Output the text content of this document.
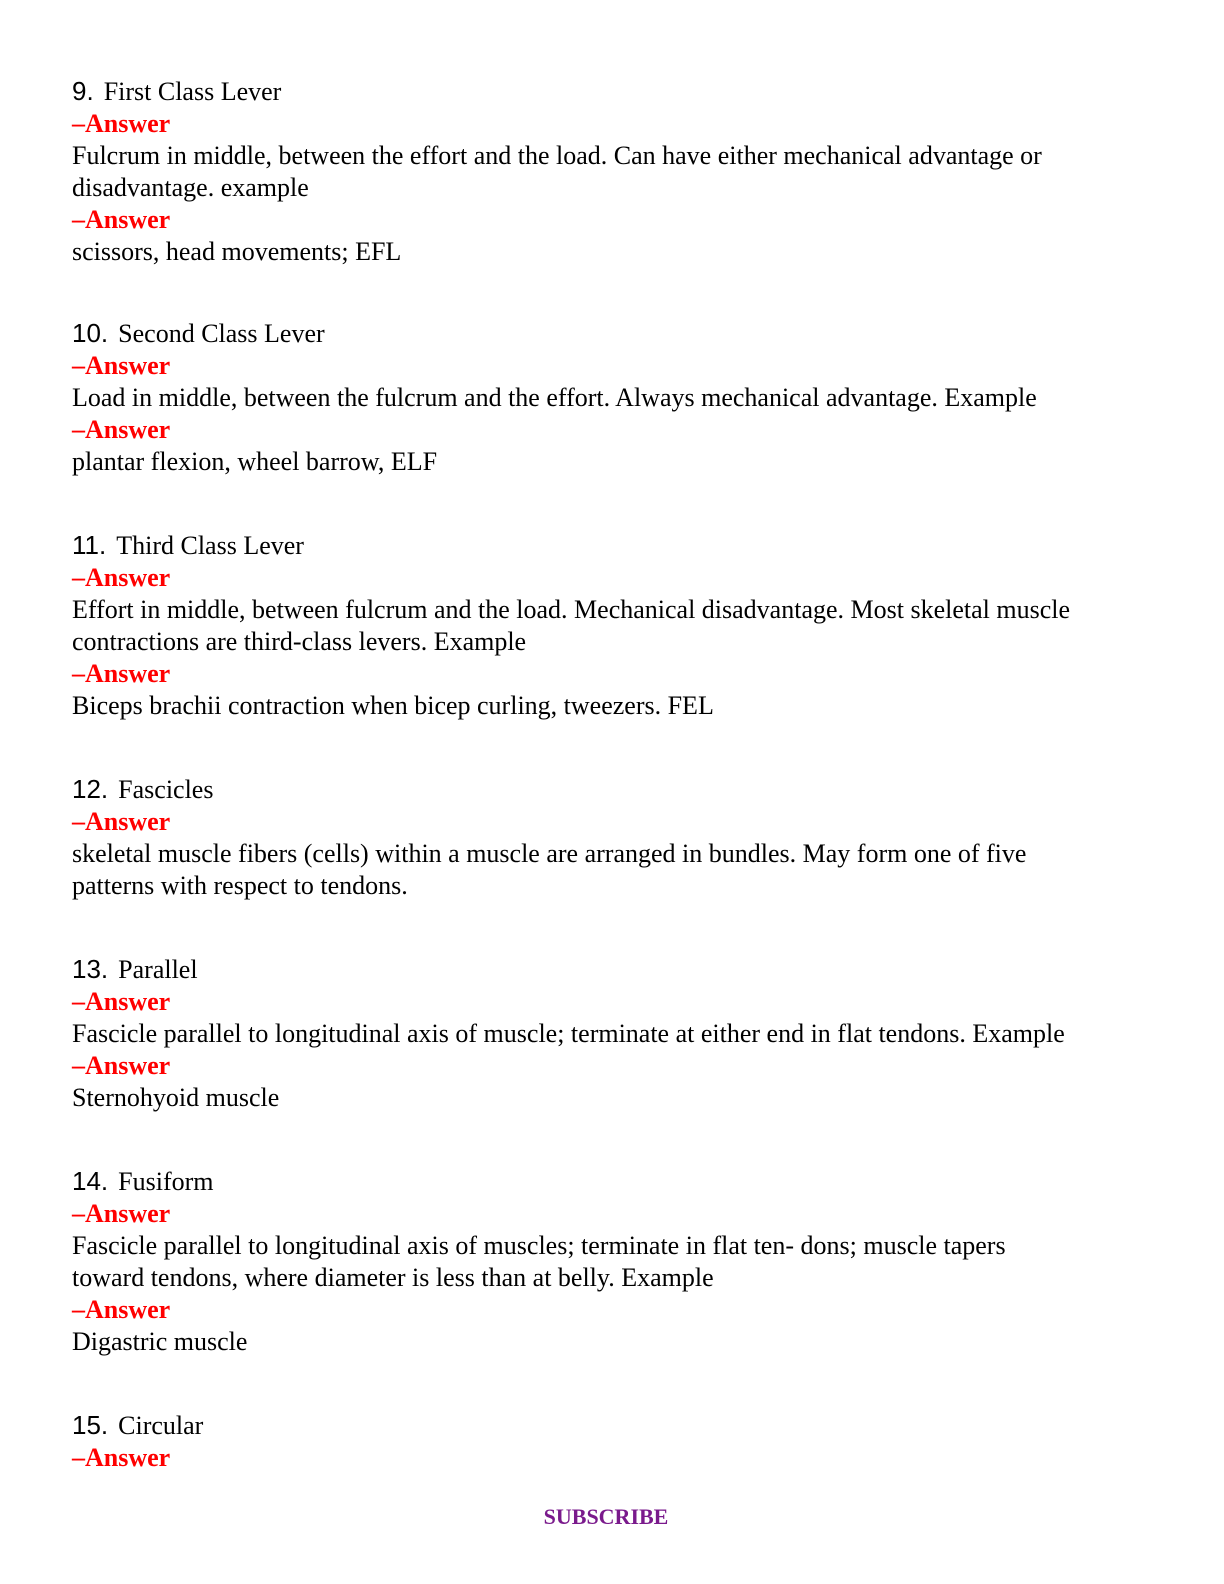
9. First Class Lever
–Answer
Fulcrum in middle, between the effort and the load. Can have either mechanical advantage or disadvantage. example
–Answer
scissors, head movements; EFL
10. Second Class Lever
–Answer
Load in middle, between the fulcrum and the effort. Always mechanical advantage. Example
–Answer
plantar flexion, wheel barrow, ELF
11. Third Class Lever
–Answer
Effort in middle, between fulcrum and the load. Mechanical disadvantage. Most skeletal muscle contractions are third-class levers. Example
–Answer
Biceps brachii contraction when bicep curling, tweezers. FEL
12. Fascicles
–Answer
skeletal muscle fibers (cells) within a muscle are arranged in bundles. May form one of five patterns with respect to tendons.
13. Parallel
–Answer
Fascicle parallel to longitudinal axis of muscle; terminate at either end in flat tendons. Example
–Answer
Sternohyoid muscle
14. Fusiform
–Answer
Fascicle parallel to longitudinal axis of muscles; terminate in flat ten- dons; muscle tapers toward tendons, where diameter is less than at belly. Example
–Answer
Digastric muscle
15. Circular
–Answer
SUBSCRIBE
